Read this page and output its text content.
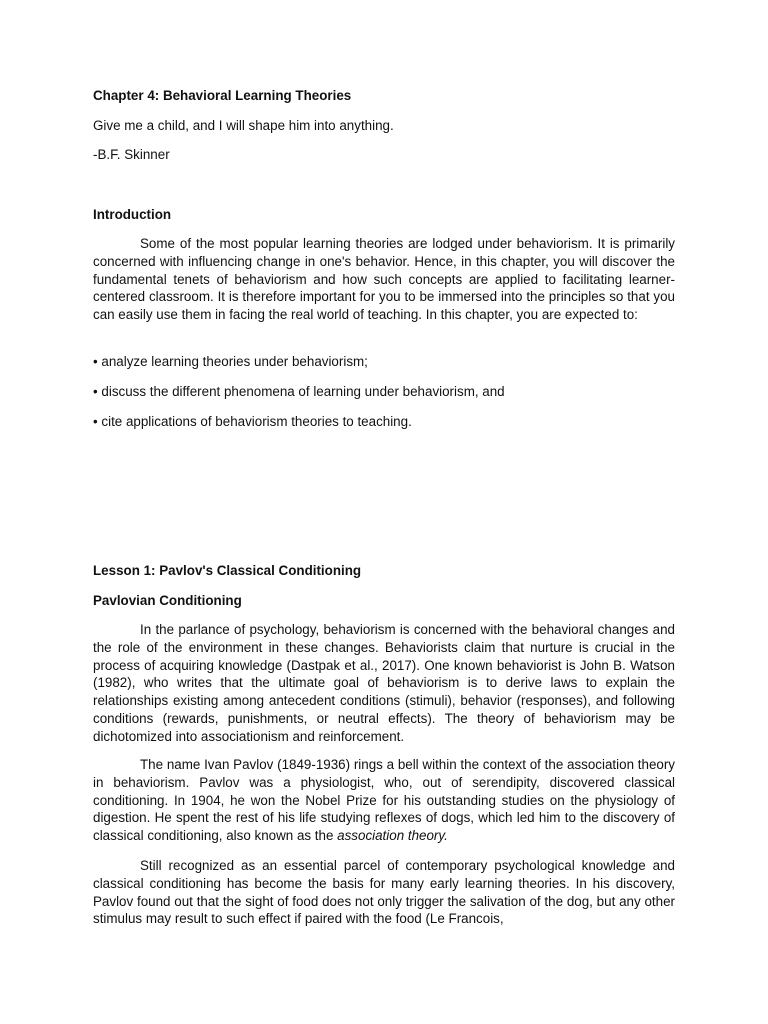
Chapter 4: Behavioral Learning Theories

Give me a child, and I will shape him into anything.

-B.F. Skinner

Introduction

Some of the most popular learning theories are lodged under behaviorism. It is primarily concerned with influencing change in one's behavior. Hence, in this chapter, you will discover the fundamental tenets of behaviorism and how such concepts are applied to facilitating learner-centered classroom. It is therefore important for you to be immersed into the principles so that you can easily use them in facing the real world of teaching. In this chapter, you are expected to:

• analyze learning theories under behaviorism;

• discuss the different phenomena of learning under behaviorism, and

• cite applications of behaviorism theories to teaching.

Lesson 1: Pavlov's Classical Conditioning

Pavlovian Conditioning

In the parlance of psychology, behaviorism is concerned with the behavioral changes and the role of the environment in these changes. Behaviorists claim that nurture is crucial in the process of acquiring knowledge (Dastpak et al., 2017). One known behaviorist is John B. Watson (1982), who writes that the ultimate goal of behaviorism is to derive laws to explain the relationships existing among antecedent conditions (stimuli), behavior (responses), and following conditions (rewards, punishments, or neutral effects). The theory of behaviorism may be dichotomized into associationism and reinforcement.

The name Ivan Pavlov (1849-1936) rings a bell within the context of the association theory in behaviorism. Pavlov was a physiologist, who, out of serendipity, discovered classical conditioning. In 1904, he won the Nobel Prize for his outstanding studies on the physiology of digestion. He spent the rest of his life studying reflexes of dogs, which led him to the discovery of classical conditioning, also known as the association theory.

Still recognized as an essential parcel of contemporary psychological knowledge and classical conditioning has become the basis for many early learning theories. In his discovery, Pavlov found out that the sight of food does not only trigger the salivation of the dog, but any other stimulus may result to such effect if paired with the food (Le Francois,
